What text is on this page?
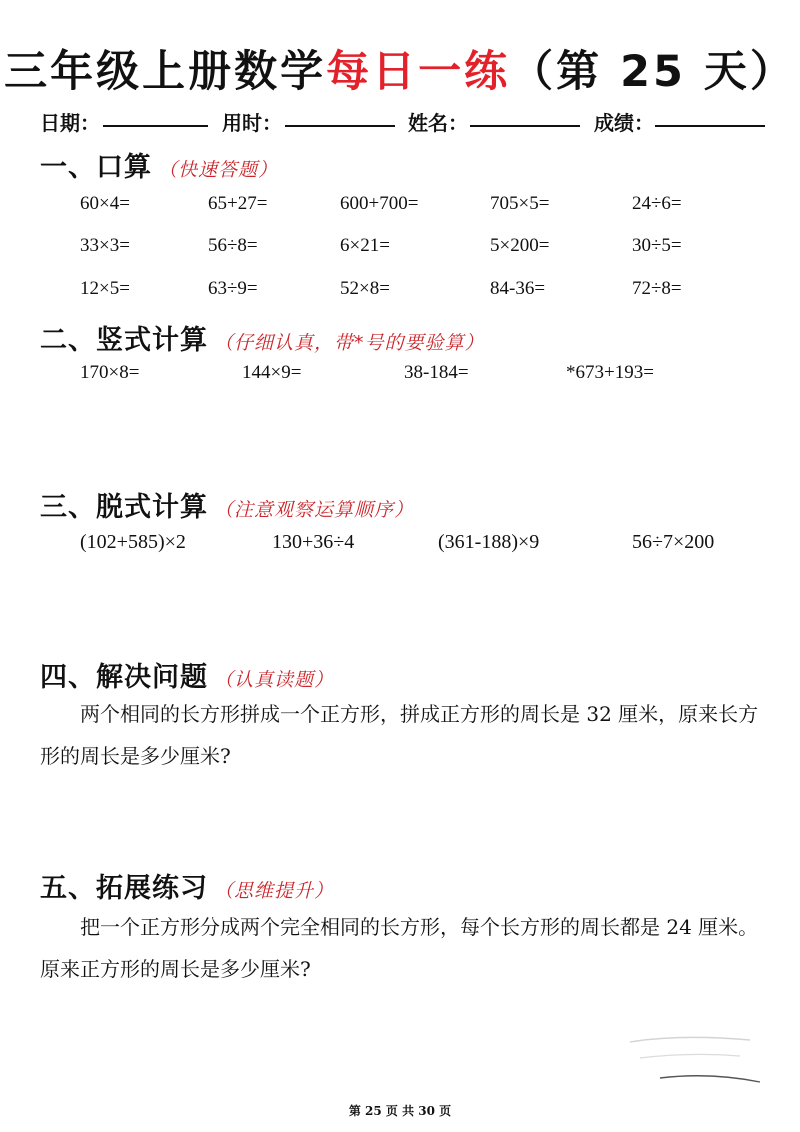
三年级上册数学每日一练（第 25 天）
日期：	用时：	姓名：	成绩：
一、口算 （快速答题）
60×4=	65+27=	600+700=	705×5=	24÷6=
33×3=	56÷8=	6×21=	5×200=	30÷5=
12×5=	63÷9=	52×8=	84-36=	72÷8=
二、竖式计算 （仔细认真，带*号的要验算）
170×8=	144×9=	38-184=	*673+193=
三、脱式计算 （注意观察运算顺序）
(102+585)×2	130+36÷4	(361-188)×9	56÷7×200
四、解决问题 （认真读题）
两个相同的长方形拼成一个正方形，拼成正方形的周长是 32 厘米，原来长方形的周长是多少厘米?
五、拓展练习 （思维提升）
把一个正方形分成两个完全相同的长方形，每个长方形的周长都是 24 厘米。原来正方形的周长是多少厘米?
第 25 页 共 30 页
